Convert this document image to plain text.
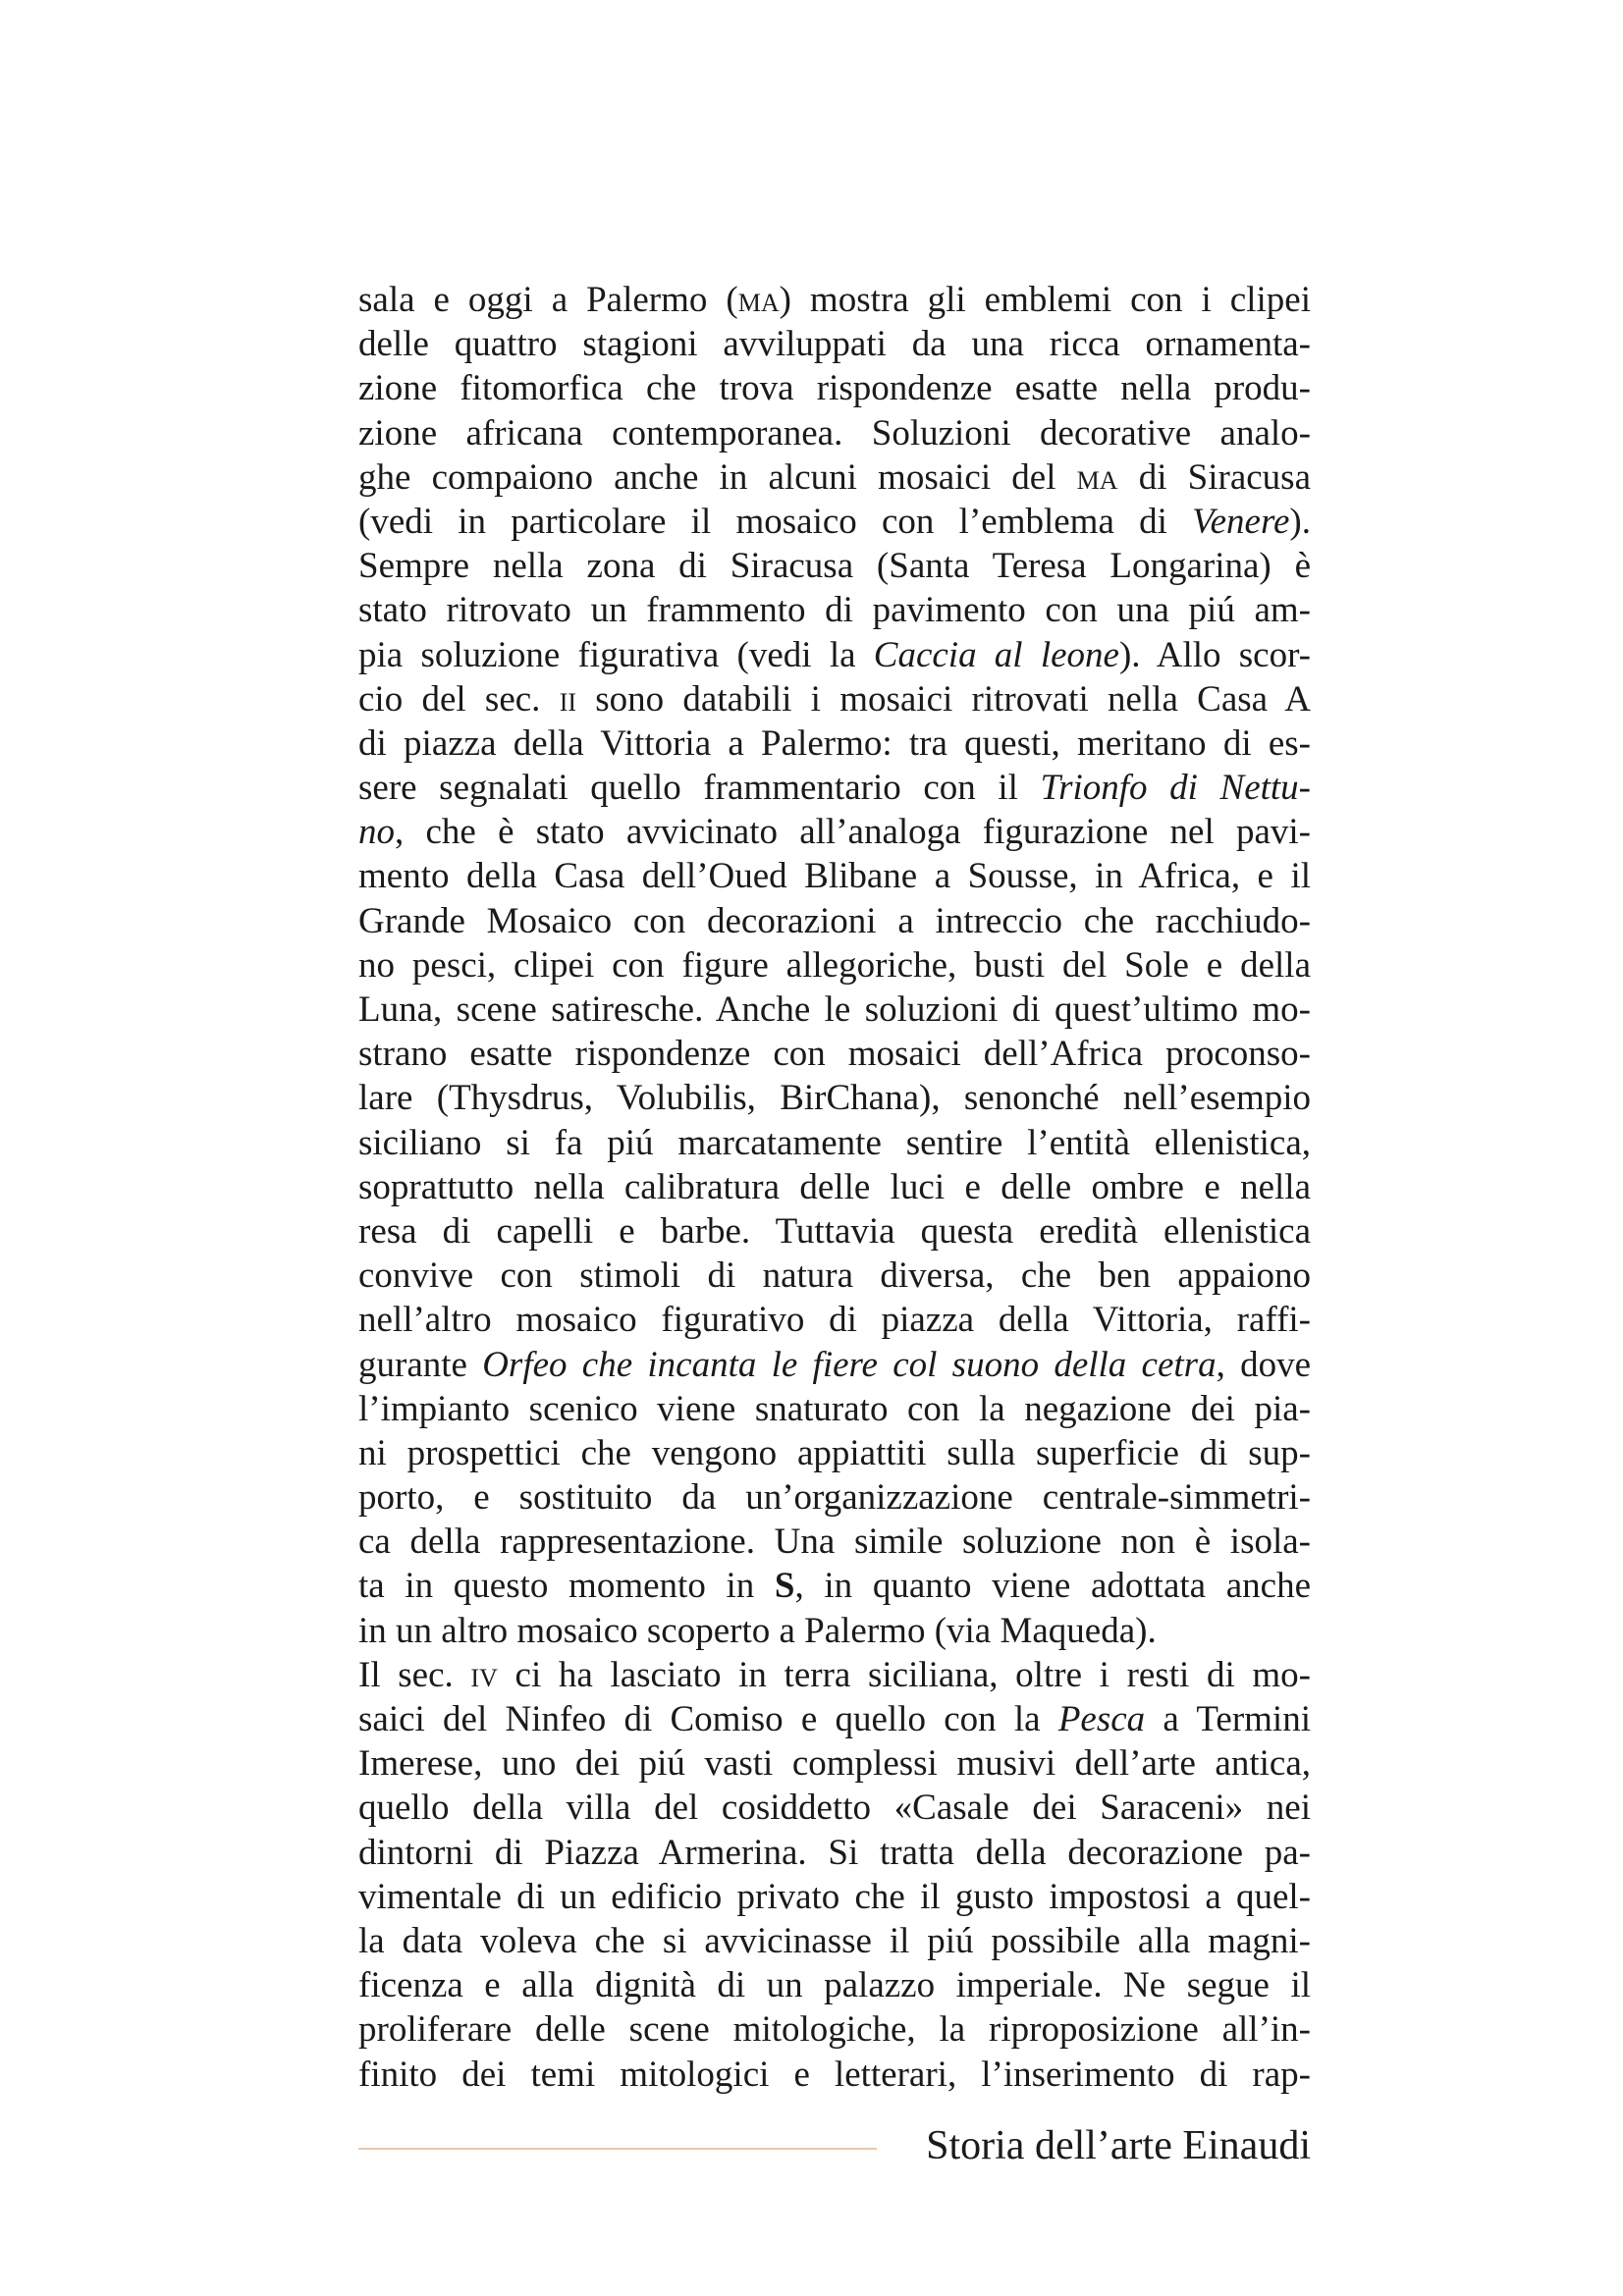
sala e oggi a Palermo (ma) mostra gli emblemi con i clipei
delle quattro stagioni avviluppati da una ricca ornamenta-
zione fitomorfica che trova rispondenze esatte nella produ-
zione africana contemporanea. Soluzioni decorative analo-
ghe compaiono anche in alcuni mosaici del ma di Siracusa
(vedi in particolare il mosaico con l’emblema di Venere).
Sempre nella zona di Siracusa (Santa Teresa Longarina) è
stato ritrovato un frammento di pavimento con una piú am-
pia soluzione figurativa (vedi la Caccia al leone). Allo scor-
cio del sec. ii sono databili i mosaici ritrovati nella Casa A
di piazza della Vittoria a Palermo: tra questi, meritano di es-
sere segnalati quello frammentario con il Trionfo di Nettu-
no, che è stato avvicinato all’analoga figurazione nel pavi-
mento della Casa dell’Oued Blibane a Sousse, in Africa, e il
Grande Mosaico con decorazioni a intreccio che racchiudo-
no pesci, clipei con figure allegoriche, busti del Sole e della
Luna, scene satiresche. Anche le soluzioni di quest’ultimo mo-
strano esatte rispondenze con mosaici dell’Africa proconso-
lare (Thysdrus, Volubilis, BirChana), senonché nell’esempio
siciliano si fa piú marcatamente sentire l’entità ellenistica,
soprattutto nella calibratura delle luci e delle ombre e nella
resa di capelli e barbe. Tuttavia questa eredità ellenistica
convive con stimoli di natura diversa, che ben appaiono
nell’altro mosaico figurativo di piazza della Vittoria, raffi-
gurante Orfeo che incanta le fiere col suono della cetra, dove
l’impianto scenico viene snaturato con la negazione dei pia-
ni prospettici che vengono appiattiti sulla superficie di sup-
porto, e sostituito da un’organizzazione centrale-simmetri-
ca della rappresentazione. Una simile soluzione non è isola-
ta in questo momento in S, in quanto viene adottata anche
in un altro mosaico scoperto a Palermo (via Maqueda).
Il sec. iv ci ha lasciato in terra siciliana, oltre i resti di mo-
saici del Ninfeo di Comiso e quello con la Pesca a Termini
Imerese, uno dei piú vasti complessi musivi dell’arte antica,
quello della villa del cosiddetto «Casale dei Saraceni» nei
dintorni di Piazza Armerina. Si tratta della decorazione pa-
vimentale di un edificio privato che il gusto impostosi a quel-
la data voleva che si avvicinasse il piú possibile alla magni-
ficenza e alla dignità di un palazzo imperiale. Ne segue il
proliferare delle scene mitologiche, la riproposizione all’in-
finito dei temi mitologici e letterari, l’inserimento di rap-
Storia dell’arte Einaudi
